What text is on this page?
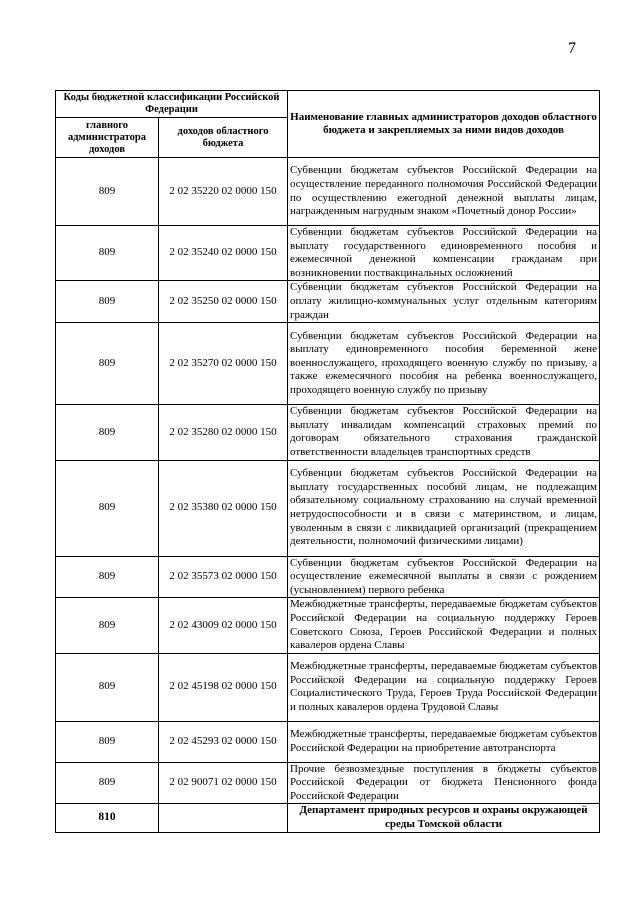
7
Коды бюджетной классификации Российской Федерации		Наименование главных администраторов доходов областного бюджета и закрепляемых за ними видов доходов
главного администратора доходов	доходов областного бюджета	
809	2 02 35220 02 0000 150	Субвенции бюджетам субъектов Российской Федерации на осуществление переданного полномочия Российской Федерации по осуществлению ежегодной денежной выплаты лицам, награжденным нагрудным знаком «Почетный донор России»
809	2 02 35240 02 0000 150	Субвенции бюджетам субъектов Российской Федерации на выплату государственного единовременного пособия и ежемесячной денежной компенсации гражданам при возникновении поствакцинальных осложнений
809	2 02 35250 02 0000 150	Субвенции бюджетам субъектов Российской Федерации на оплату жилищно-коммунальных услуг отдельным категориям граждан
809	2 02 35270 02 0000 150	Субвенции бюджетам субъектов Российской Федерации на выплату единовременного пособия беременной жене военнослужащего, проходящего военную службу по призыву, а также ежемесячного пособия на ребенка военнослужащего, проходящего военную службу по призыву
809	2 02 35280 02 0000 150	Субвенции бюджетам субъектов Российской Федерации на выплату инвалидам компенсаций страховых премий по договорам обязательного страхования гражданской ответственности владельцев транспортных средств
809	2 02 35380 02 0000 150	Субвенции бюджетам субъектов Российской Федерации на выплату государственных пособий лицам, не подлежащим обязательному социальному страхованию на случай временной нетрудоспособности и в связи с материнством, и лицам, уволенным в связи с ликвидацией организаций (прекращением деятельности, полномочий физическими лицами)
809	2 02 35573 02 0000 150	Субвенции бюджетам субъектов Российской Федерации на осуществление ежемесячной выплаты в связи с рождением (усыновлением) первого ребенка
809	2 02 43009 02 0000 150	Межбюджетные трансферты, передаваемые бюджетам субъектов Российской Федерации на социальную поддержку Героев Советского Союза, Героев Российской Федерации и полных кавалеров ордена Славы
809	2 02 45198 02 0000 150	Межбюджетные трансферты, передаваемые бюджетам субъектов Российской Федерации на социальную поддержку Героев Социалистического Труда, Героев Труда Российской Федерации и полных кавалеров ордена Трудовой Славы
809	2 02 45293 02 0000 150	Межбюджетные трансферты, передаваемые бюджетам субъектов Российской Федерации на приобретение автотранспорта
809	2 02 90071 02 0000 150	Прочие безвозмездные поступления в бюджеты субъектов Российской Федерации от бюджета Пенсионного фонда Российской Федерации
810		Департамент природных ресурсов и охраны окружающей среды Томской области
